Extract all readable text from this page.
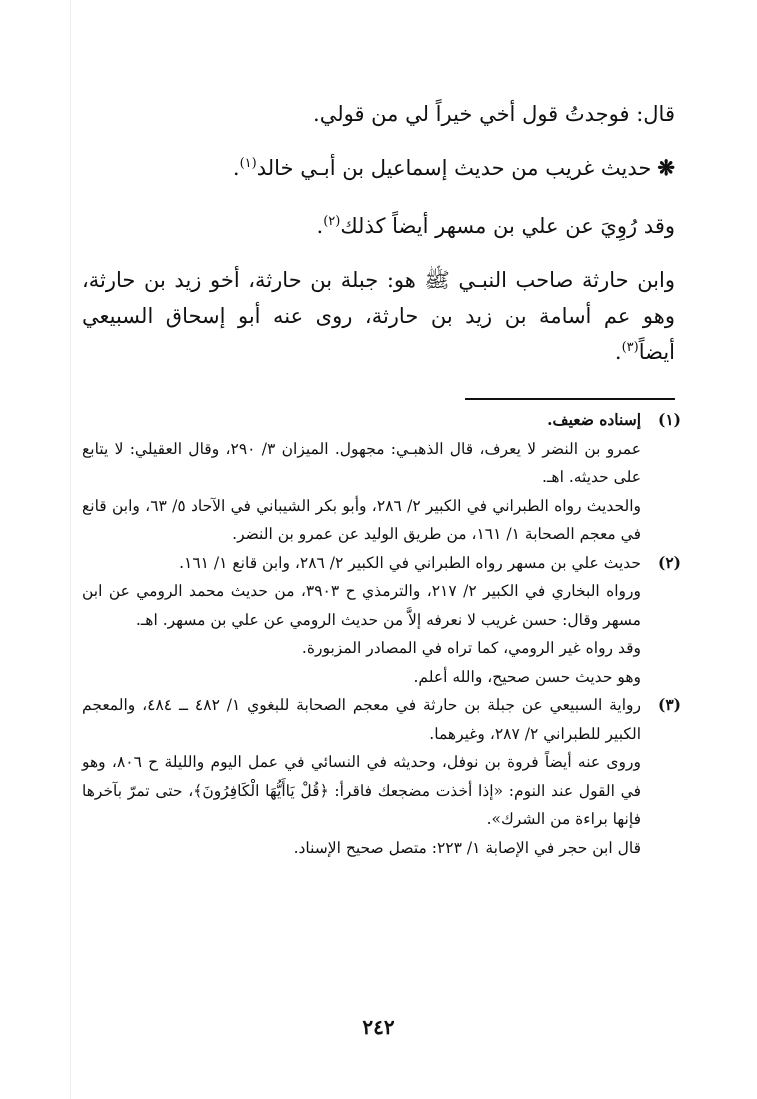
قال: فوجدتُ قول أخي خيراً لي من قولي.

❋حديث غريب من حديث إسماعيل بن أبـي خالد$^{(١)}$.

وقد رُوِيَ عن علي بن مسهر أيضاً كذلك$^{(٢)}$.

وابن حارثة صاحب النبـي ﷺ هو: جبلة بن حارثة، أخو زيد بن حارثة، وهو عم أسامة بن زيد بن حارثة، روى عنه أبو إسحاق السبيعي أيضاً$^{(٣)}$.

(١)
إسناده ضعيف.
عمرو بن النضر لا يعرف، قال الذهبـي: مجهول. الميزان ٣/ ٢٩٠، وقال العقيلي: لا يتابع على حديثه. اهـ.
والحديث رواه الطبراني في الكبير ٢/ ٢٨٦، وأبو بكر الشيباني في الآحاد ٥/ ٦٣، وابن قانع في معجم الصحابة ١/ ١٦١، من طريق الوليد عن عمرو بن النضر.
(٢)
حديث علي بن مسهر رواه الطبراني في الكبير ٢/ ٢٨٦، وابن قانع ١/ ١٦١.
ورواه البخاري في الكبير ٢/ ٢١٧، والترمذي ح ٣٩٠٣، من حديث محمد الرومي عن ابن مسهر وقال: حسن غريب لا نعرفه إلاَّ من حديث الرومي عن علي بن مسهر. اهـ.
وقد رواه غير الرومي، كما تراه في المصادر المزبورة.
وهو حديث حسن صحيح، والله أعلم.
(٣)
رواية السبيعي عن جبلة بن حارثة في معجم الصحابة للبغوي ١/ ٤٨٢ ــ ٤٨٤، والمعجم الكبير للطبراني ٢/ ٢٨٧، وغيرهما.
وروى عنه أيضاً فروة بن نوفل، وحديثه في النسائي في عمل اليوم والليلة ح ٨٠٦، وهو في القول عند النوم: «إذا أخذت مضجعك فاقرأ: ﴿قُلْ يَاأَيُّهَا الْكَافِرُونَ﴾، حتى تمرّ بآخرها فإنها براءة من الشرك».
قال ابن حجر في الإصابة ١/ ٢٢٣: متصل صحيح الإسناد.
٢٤٢
